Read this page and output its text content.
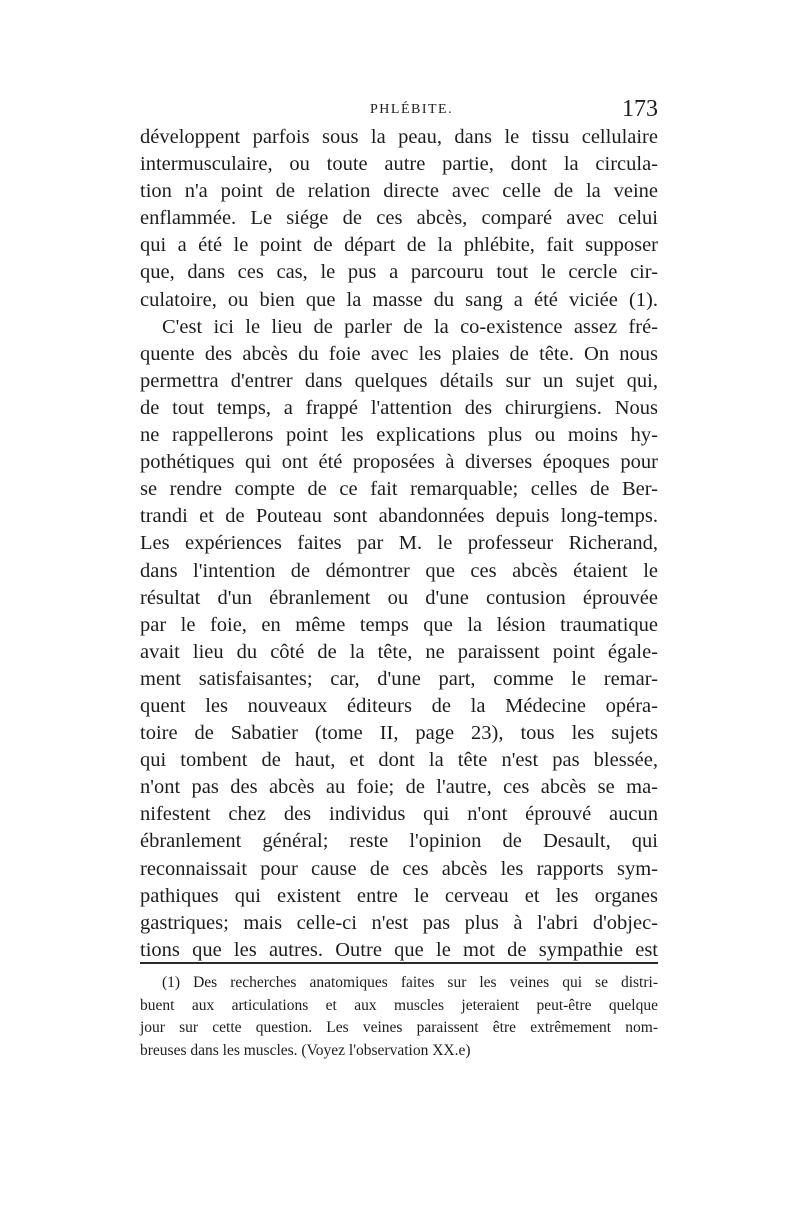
PHLÉBITE.	173
développent parfois sous la peau, dans le tissu cellulaire
intermusculaire, ou toute autre partie, dont la circula-
tion n'a point de relation directe avec celle de la veine
enflammée. Le siége de ces abcès, comparé avec celui
qui a été le point de départ de la phlébite, fait supposer
que, dans ces cas, le pus a parcouru tout le cercle cir-
culatoire, ou bien que la masse du sang a été viciée (1).
C'est ici le lieu de parler de la co-existence assez fré-
quente des abcès du foie avec les plaies de tête. On nous
permettra d'entrer dans quelques détails sur un sujet qui,
de tout temps, a frappé l'attention des chirurgiens. Nous
ne rappellerons point les explications plus ou moins hy-
pothétiques qui ont été proposées à diverses époques pour
se rendre compte de ce fait remarquable; celles de Ber-
trandi et de Pouteau sont abandonnées depuis long-temps.
Les expériences faites par M. le professeur Richerand,
dans l'intention de démontrer que ces abcès étaient le
résultat d'un ébranlement ou d'une contusion éprouvée
par le foie, en même temps que la lésion traumatique
avait lieu du côté de la tête, ne paraissent point égale-
ment satisfaisantes; car, d'une part, comme le remar-
quent les nouveaux éditeurs de la Médecine opéra-
toire de Sabatier (tome II, page 23), tous les sujets
qui tombent de haut, et dont la tête n'est pas blessée,
n'ont pas des abcès au foie; de l'autre, ces abcès se ma-
nifestent chez des individus qui n'ont éprouvé aucun
ébranlement général; reste l'opinion de Desault, qui
reconnaissait pour cause de ces abcès les rapports sym-
pathiques qui existent entre le cerveau et les organes
gastriques; mais celle-ci n'est pas plus à l'abri d'objec-
tions que les autres. Outre que le mot de sympathie est
(1) Des recherches anatomiques faites sur les veines qui se distri-
buent aux articulations et aux muscles jeteraient peut-être quelque
jour sur cette question. Les veines paraissent être extrêmement nom-
breuses dans les muscles. (Voyez l'observation XX.e)
